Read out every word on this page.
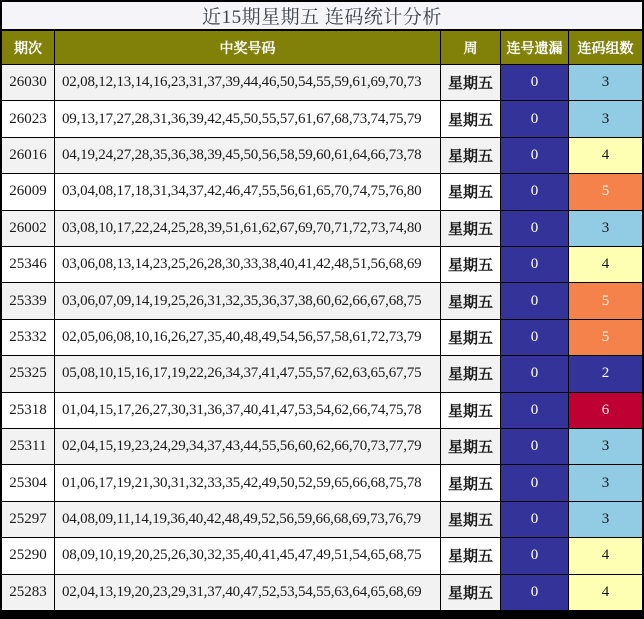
近15期星期五 连码统计分析
期次	中奖号码	周	连号遗漏	连码组数
26030	02,08,12,13,14,16,23,31,37,39,44,46,50,54,55,59,61,69,70,73	星期五	0	3
26023	09,13,17,27,28,31,36,39,42,45,50,55,57,61,67,68,73,74,75,79	星期五	0	3
26016	04,19,24,27,28,35,36,38,39,45,50,56,58,59,60,61,64,66,73,78	星期五	0	4
26009	03,04,08,17,18,31,34,37,42,46,47,55,56,61,65,70,74,75,76,80	星期五	0	5
26002	03,08,10,17,22,24,25,28,39,51,61,62,67,69,70,71,72,73,74,80	星期五	0	3
25346	03,06,08,13,14,23,25,26,28,30,33,38,40,41,42,48,51,56,68,69	星期五	0	4
25339	03,06,07,09,14,19,25,26,31,32,35,36,37,38,60,62,66,67,68,75	星期五	0	5
25332	02,05,06,08,10,16,26,27,35,40,48,49,54,56,57,58,61,72,73,79	星期五	0	5
25325	05,08,10,15,16,17,19,22,26,34,37,41,47,55,57,62,63,65,67,75	星期五	0	2
25318	01,04,15,17,26,27,30,31,36,37,40,41,47,53,54,62,66,74,75,78	星期五	0	6
25311	02,04,15,19,23,24,29,34,37,43,44,55,56,60,62,66,70,73,77,79	星期五	0	3
25304	01,06,17,19,21,30,31,32,33,35,42,49,50,52,59,65,66,68,75,78	星期五	0	3
25297	04,08,09,11,14,19,36,40,42,48,49,52,56,59,66,68,69,73,76,79	星期五	0	3
25290	08,09,10,19,20,25,26,30,32,35,40,41,45,47,49,51,54,65,68,75	星期五	0	4
25283	02,04,13,19,20,23,29,31,37,40,47,52,53,54,55,63,64,65,68,69	星期五	0	4
